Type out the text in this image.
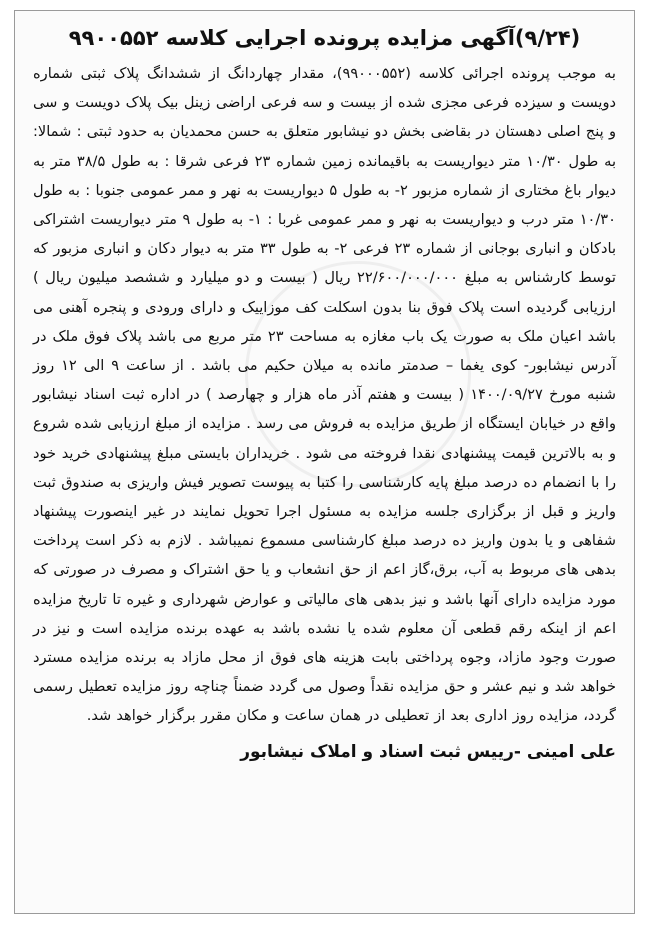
(۹/۲۴)آگهی مزایده پرونده اجرایی کلاسه ۹۹۰۰۵۵۲

به موجب پرونده اجرائی کلاسه (۹۹۰۰۰۵۵۲)، مقدار چهاردانگ از ششدانگ پلاک ثبتی شماره دویست و سیزده فرعی مجزی شده از بیست و سه فرعی اراضی زینل بیک پلاک دویست و سی و پنج اصلی دهستان در بقاضی بخش دو نیشابور متعلق به حسن محمدیان به حدود ثبتی : شمالا: به طول ۱۰/۳۰ متر دیواریست به باقیمانده زمین شماره ۲۳ فرعی شرقا : به طول ۳۸/۵ متر به دیوار باغ مختاری از شماره مزبور ۲- به طول ۵ دیواریست به نهر و ممر عمومی جنوبا : به طول ۱۰/۳۰ متر درب و دیواریست به نهر و ممر عمومی غربا : ۱- به طول ۹ متر دیواریست اشتراکی بادکان و انباری بوجانی از شماره ۲۳ فرعی ۲- به طول ۳۳ متر به دیوار دکان و انباری مزبور که توسط کارشناس به مبلغ ۲۲/۶۰۰/۰۰۰/۰۰۰ ریال ( بیست و دو میلیارد و ششصد میلیون ریال ) ارزیابی گردیده است پلاک فوق بنا بدون اسکلت کف موزاییک و دارای ورودی و پنجره آهنی می باشد اعیان ملک به صورت یک باب مغازه به مساحت ۲۳ متر مربع می باشد پلاک فوق ملک در آدرس نیشابور- کوی یغما – صدمتر مانده به میلان حکیم می باشد . از ساعت ۹ الی ۱۲ روز شنبه مورخ ۱۴۰۰/۰۹/۲۷ ( بیست و هفتم آذر ماه هزار و چهارصد ) در اداره ثبت اسناد نیشابور واقع در خیابان ایستگاه از طریق مزایده به فروش می رسد . مزایده از مبلغ ارزیابی شده شروع و به بالاترین قیمت پیشنهادی نقدا فروخته می شود . خریداران بایستی مبلغ پیشنهادی خرید خود را با انضمام ده درصد مبلغ پایه کارشناسی را کتبا به پیوست تصویر فیش واریزی به صندوق ثبت واریز و قبل از برگزاری جلسه مزایده به مسئول اجرا تحویل نمایند در غیر اینصورت پیشنهاد شفاهی و یا بدون واریز ده درصد مبلغ کارشناسی مسموع نمیباشد . لازم به ذکر است پرداخت بدهی های مربوط به آب، برق،گاز اعم از حق انشعاب و یا حق اشتراک و مصرف در صورتی که مورد مزایده دارای آنها باشد و نیز بدهی های مالیاتی و عوارض شهرداری و غیره تا تاریخ مزایده اعم از اینکه رقم قطعی آن معلوم شده یا نشده باشد به عهده برنده مزایده است و نیز در صورت وجود مازاد، وجوه پرداختی بابت هزینه های فوق از محل مازاد به برنده مزایده مسترد خواهد شد و نیم عشر و حق مزایده نقداً وصول می گردد ضمناً چناچه روز مزایده تعطیل رسمی گردد، مزایده روز اداری بعد از تعطیلی در همان ساعت و مکان مقرر برگزار خواهد شد.

علی امینی -رییس ثبت اسناد و املاک نیشابور
